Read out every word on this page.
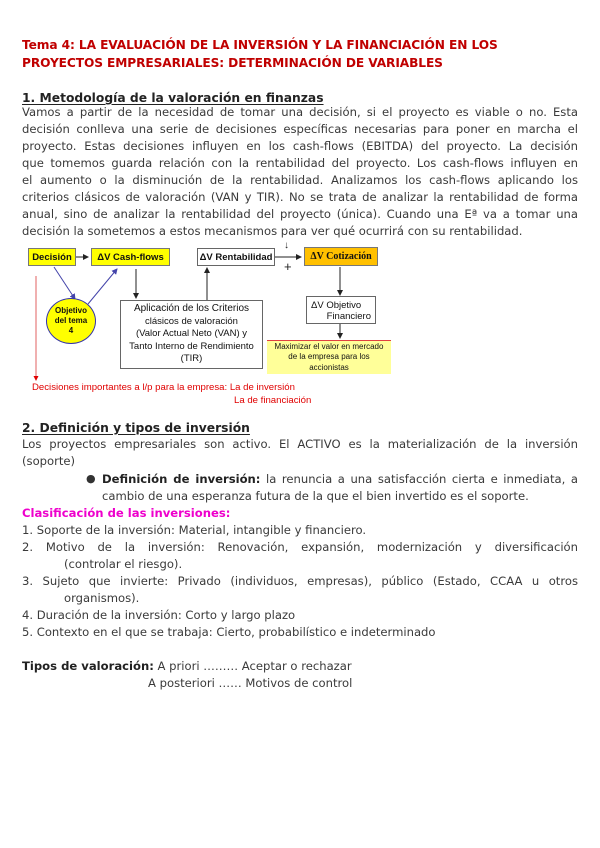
Tema 4: LA EVALUACIÓN DE LA INVERSIÓN Y LA FINANCIACIÓN EN LOS
PROYECTOS EMPRESARIALES: DETERMINACIÓN DE VARIABLES
1. Metodología de la valoración en finanzas
Vamos a partir de la necesidad de tomar una decisión, si el proyecto es viable o no. Esta
decisión conlleva una serie de decisiones específicas necesarias para poner en marcha el
proyecto. Estas decisiones influyen en los cash-flows (EBITDA) del proyecto. La decisión
que tomemos guarda relación con la rentabilidad del proyecto. Los cash-flows influyen en
el aumento o la disminución de la rentabilidad. Analizamos los cash-flows aplicando los
criterios clásicos de valoración (VAN y TIR). No se trata de analizar la rentabilidad de forma
anual, sino de analizar la rentabilidad del proyecto (única). Cuando una Eª va a tomar una
decisión la sometemos a estos mecanismos para ver qué ocurrirá con su rentabilidad.
Decisión	ΔV Cash-flows
Objetivo
del tema
4
ΔV Rentabilidad
↓
+
ΔV Cotización
Aplicación de los Criterios
clásicos de valoración
(Valor Actual Neto (VAN) y
Tanto Interno de Rendimiento
(TIR)
ΔV Objetivo
Financiero
Maximizar el valor en mercado
de la empresa para los
accionistas
Decisiones importantes a l/p para la empresa: La de inversión
La de financiación
2. Definición y tipos de inversión
Los proyectos empresariales son activo. El ACTIVO es la materialización de la inversión
(soporte)
● Definición de inversión: la renuncia a una satisfacción cierta e inmediata, a
cambio de una esperanza futura de la que el bien invertido es el soporte.
Clasificación de las inversiones:
1. Soporte de la inversión: Material, intangible y financiero.
2. Motivo de la inversión: Renovación, expansión, modernización y diversificación
(controlar el riesgo).
3. Sujeto que invierte: Privado (individuos, empresas), público (Estado, CCAA u otros
organismos).
4. Duración de la inversión: Corto y largo plazo
5. Contexto en el que se trabaja: Cierto, probabilístico e indeterminado
Tipos de valoración: A priori ……… Aceptar o rechazar
A posteriori …… Motivos de control
